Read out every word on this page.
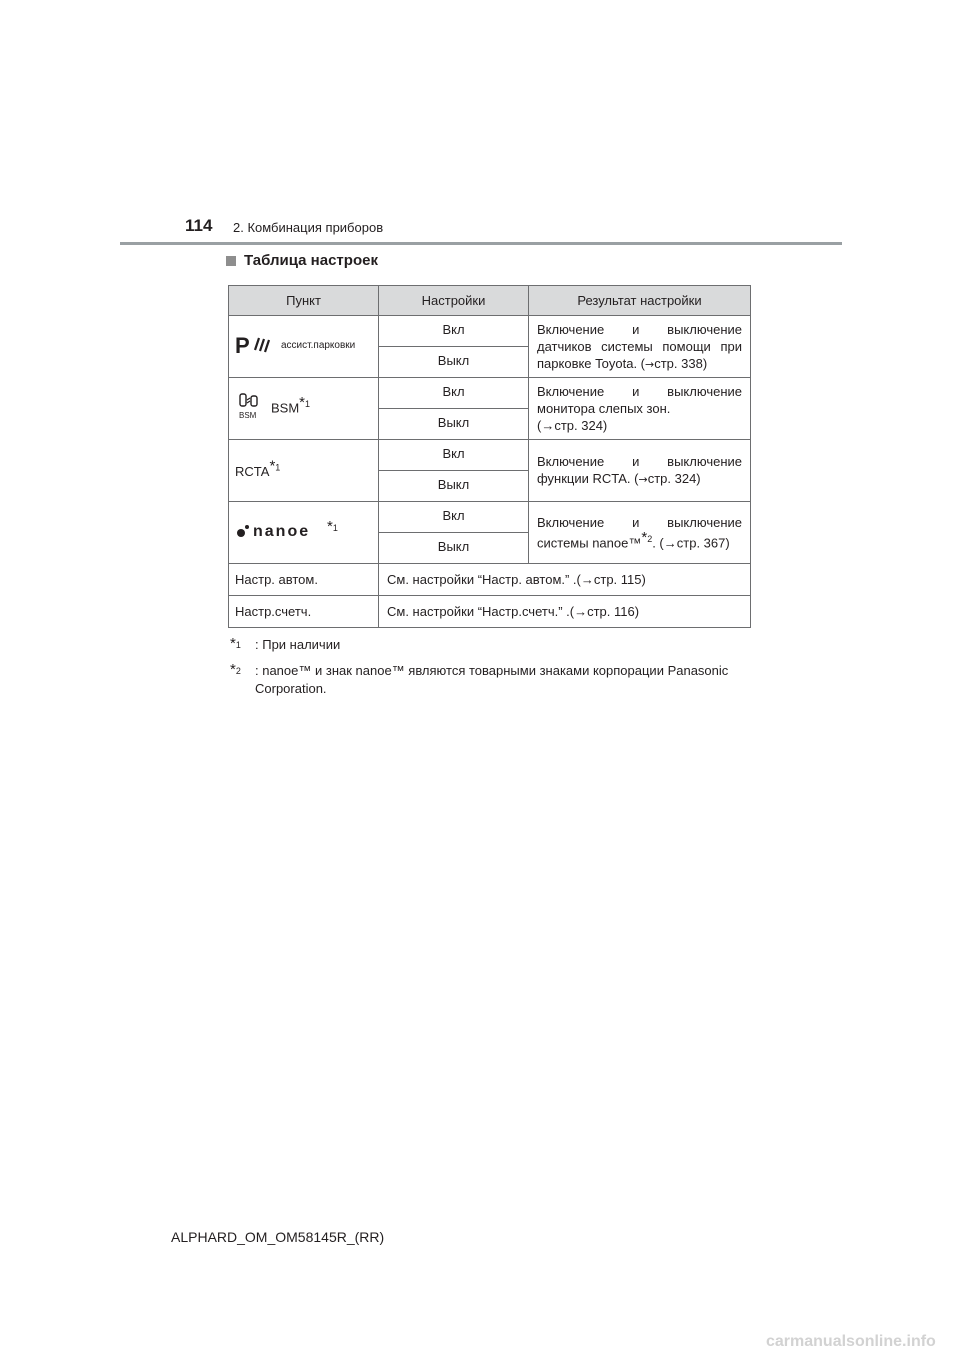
114 2. Комбинация приборов
Таблица настроек
Пункт	Настройки	Результат настройки

P ассист.парковки	Вкл	Включение и выключение датчиков системы помощи при парковке Toyota. (→стр. 338)
	Выкл	

BSM
BSM*$^1$	Вкл	Включение и выключение монитора слепых зон.
(→стр. 324)
	Выкл	
RCTA*$^1$	Вкл	Включение и выключение функции RCTA. (→стр. 324)
	Выкл	

nanoe *$^1$	Вкл	Включение и выключение системы nanoe™*$^2$. (→стр. 367)
	Выкл	
Настр. автом.	См. настройки “Настр. автом.” .(→стр. 115)	
Настр.счетч.	См. настройки “Настр.счетч.” .(→стр. 116)	
*$^1$	: При наличии
*$^2$	: nanoe™ и знак nanoe™ являются товарными знаками корпорации Panasonic Corporation.
ALPHARD_OM_OM58145R_(RR)
carmanualsonline.info
